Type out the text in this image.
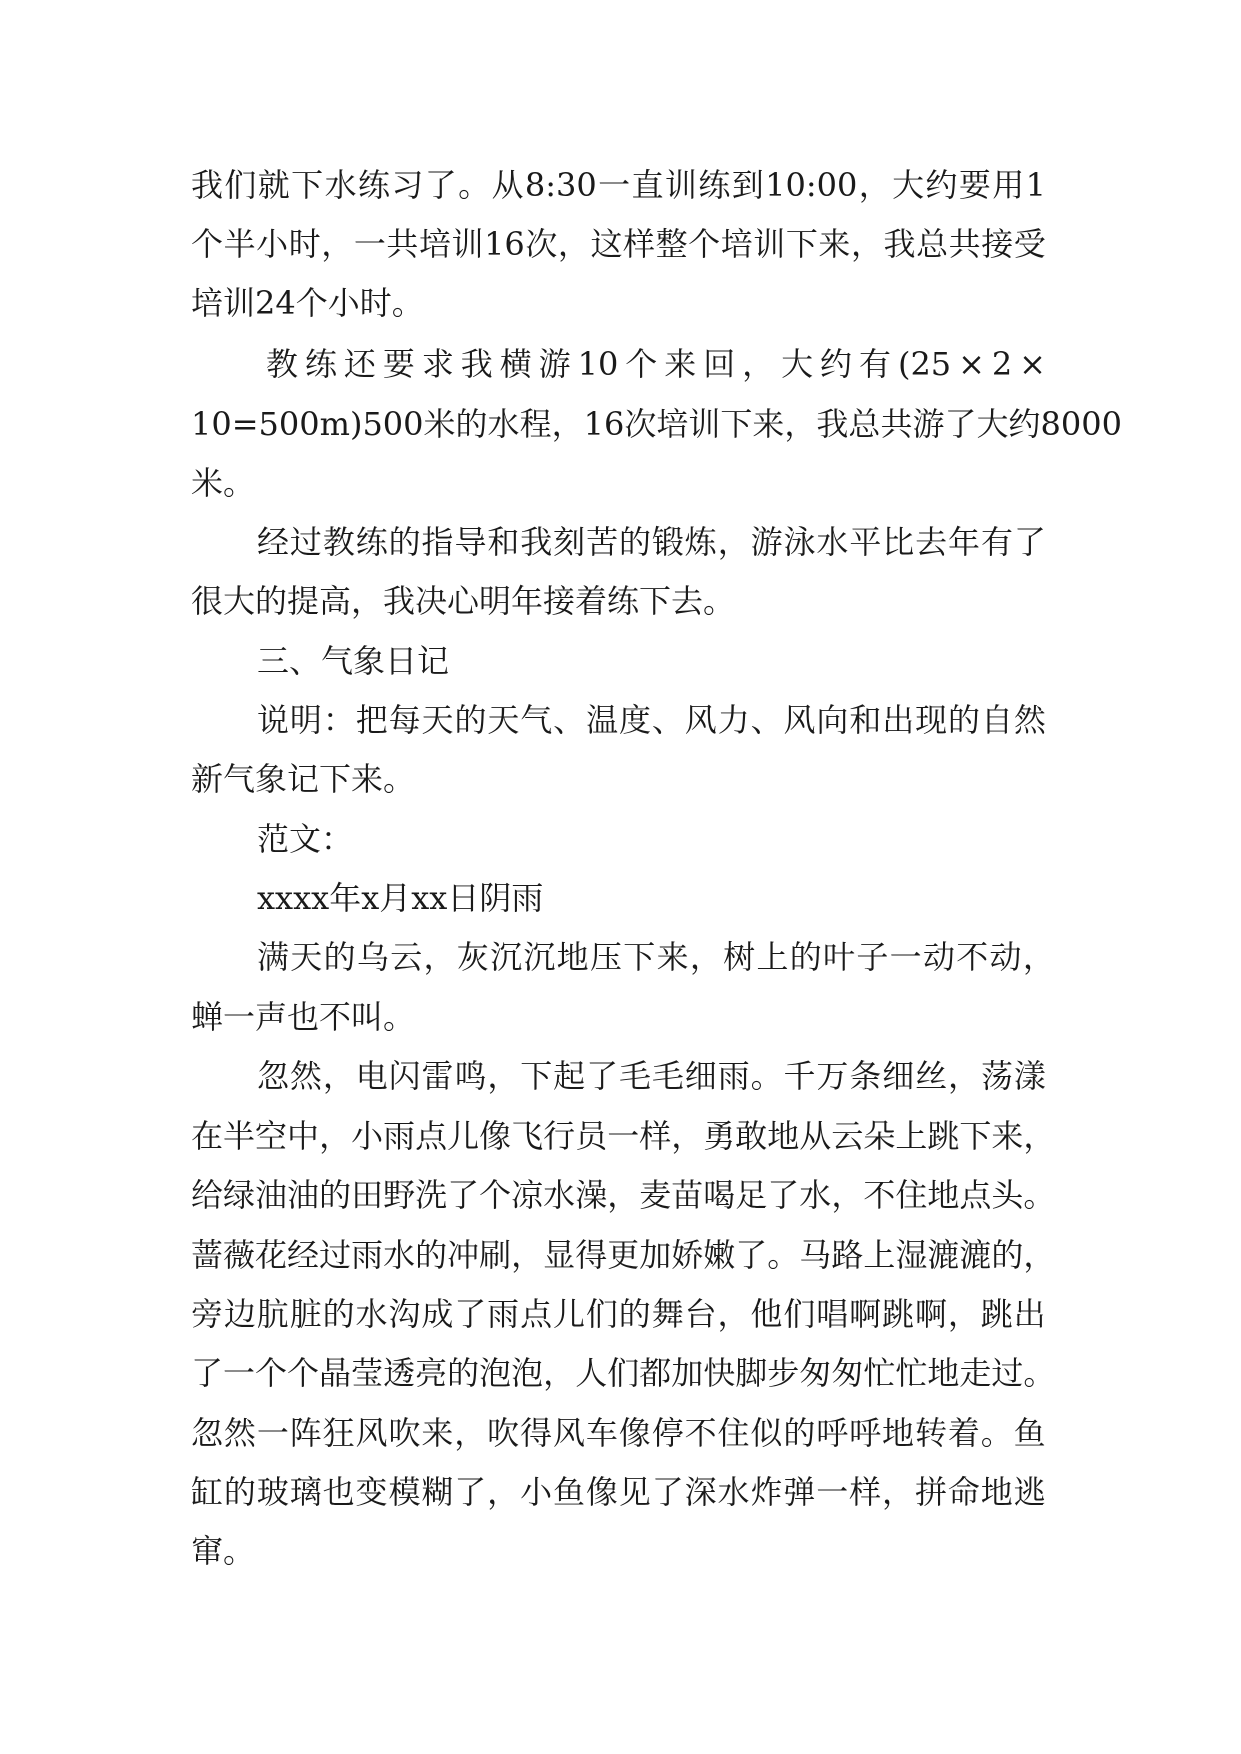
我 们 就 下 水 练 习 了 。 从 8:30 一 直 训 练 到 10:00 ， 大 约 要 用 1
个 半 小 时 ， 一 共 培 训 16 次 ， 这 样 整 个 培 训 下 来 ， 我 总 共 接 受
培训24个小时。
教 练 还 要 求 我 横 游 10 个 来 回 ， 大 约 有 (25 × 2 ×
10=500m)500 米 的 水 程 ， 16 次 培 训 下 来 ， 我 总 共 游 了 大 约 8000
米。
经 过 教 练 的 指 导 和 我 刻 苦 的 锻 炼 ， 游 泳 水 平 比 去 年 有 了
很大的提高，我决心明年接着练下去。
三、气象日记
说 明 ： 把 每 天 的 天 气 、 温 度 、 风 力 、 风 向 和 出 现 的 自 然
新气象记下来。
范文：
xxxx年x月xx日阴雨
满 天 的 乌 云 ， 灰 沉 沉 地 压 下 来 ， 树 上 的 叶 子 一 动 不 动 ，
蝉一声也不叫。
忽 然 ， 电 闪 雷 鸣 ， 下 起 了 毛 毛 细 雨 。 千 万 条 细 丝 ， 荡 漾
在 半 空 中 ， 小 雨 点 儿 像 飞 行 员 一 样 ， 勇 敢 地 从 云 朵 上 跳 下 来 ，
给 绿 油 油 的 田 野 洗 了 个 凉 水 澡 ， 麦 苗 喝 足 了 水 ， 不 住 地 点 头 。
蔷 薇 花 经 过 雨 水 的 冲 刷 ， 显 得 更 加 娇 嫩 了 。 马 路 上 湿 漉 漉 的 ，
旁 边 肮 脏 的 水 沟 成 了 雨 点 儿 们 的 舞 台 ， 他 们 唱 啊 跳 啊 ， 跳 出
了 一 个 个 晶 莹 透 亮 的 泡 泡 ， 人 们 都 加 快 脚 步 匆 匆 忙 忙 地 走 过 。
忽 然 一 阵 狂 风 吹 来 ， 吹 得 风 车 像 停 不 住 似 的 呼 呼 地 转 着 。 鱼
缸 的 玻 璃 也 变 模 糊 了 ， 小 鱼 像 见 了 深 水 炸 弹 一 样 ， 拼 命 地 逃
窜。
